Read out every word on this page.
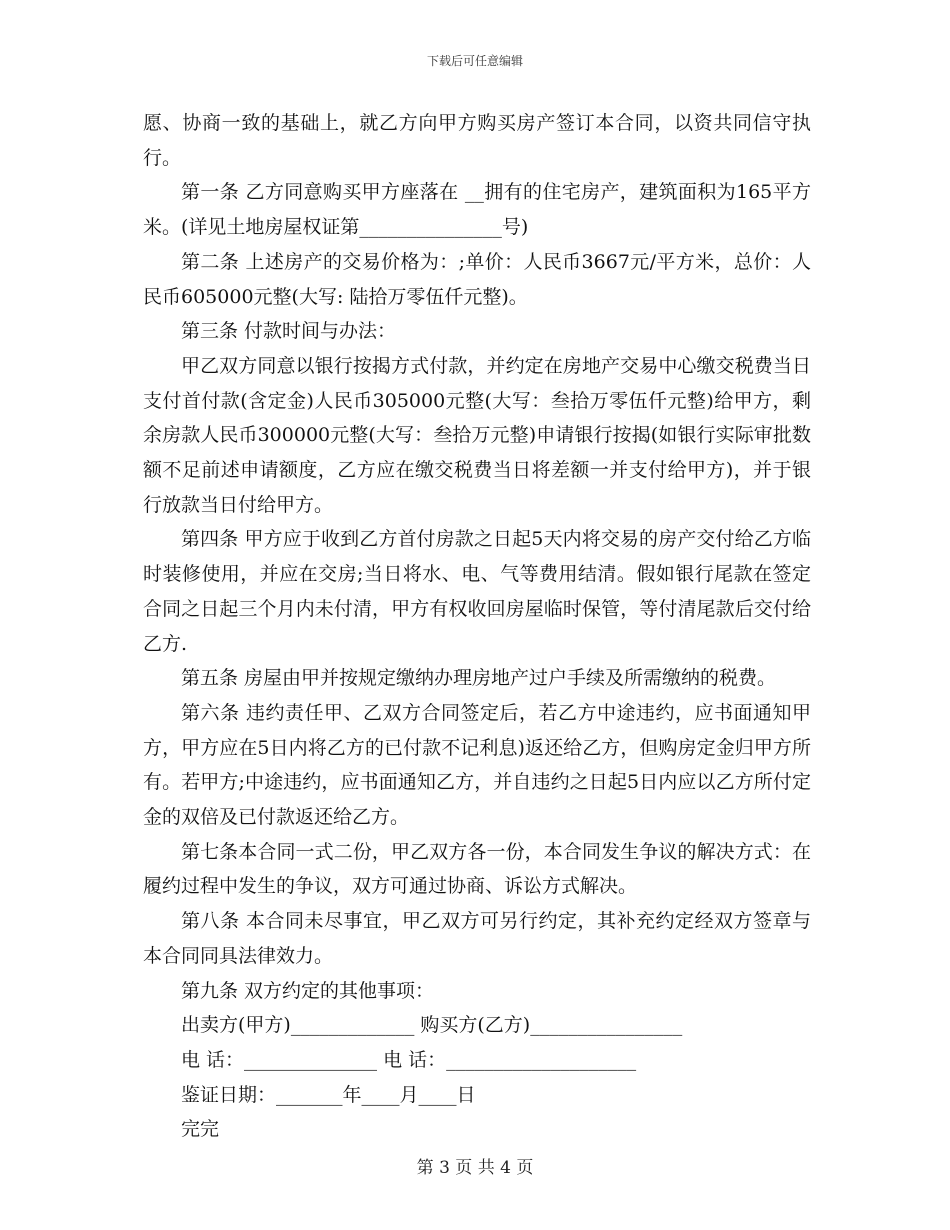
下载后可任意编辑

愿、协商一致的基础上，就乙方向甲方购买房产签订本合同，以资共同信守执行。

第一条 乙方同意购买甲方座落在 __拥有的住宅房产，建筑面积为165平方米。(详见土地房屋权证第_______________号)

第二条 上述房产的交易价格为：;单价：人民币3667元/平方米，总价：人民币605000元整(大写: 陆拾万零伍仟元整)。

第三条 付款时间与办法：

甲乙双方同意以银行按揭方式付款，并约定在房地产交易中心缴交税费当日支付首付款(含定金)人民币305000元整(大写：叁拾万零伍仟元整)给甲方，剩余房款人民币300000元整(大写：叁拾万元整)申请银行按揭(如银行实际审批数额不足前述申请额度，乙方应在缴交税费当日将差额一并支付给甲方)，并于银行放款当日付给甲方。

第四条 甲方应于收到乙方首付房款之日起5天内将交易的房产交付给乙方临时装修使用，并应在交房;当日将水、电、气等费用结清。假如银行尾款在签定合同之日起三个月内未付清，甲方有权收回房屋临时保管，等付清尾款后交付给乙方.

第五条 房屋由甲并按规定缴纳办理房地产过户手续及所需缴纳的税费。

第六条 违约责任甲、乙双方合同签定后，若乙方中途违约，应书面通知甲方，甲方应在5日内将乙方的已付款不记利息)返还给乙方，但购房定金归甲方所有。若甲方;中途违约，应书面通知乙方，并自违约之日起5日内应以乙方所付定金的双倍及已付款返还给乙方。

第七条本合同一式二份，甲乙双方各一份，本合同发生争议的解决方式：在履约过程中发生的争议，双方可通过协商、诉讼方式解决。

第八条 本合同未尽事宜，甲乙双方可另行约定，其补充约定经双方签章与本合同同具法律效力。

第九条 双方约定的其他事项：

出卖方(甲方)_____________ 购买方(乙方)________________

电 话：______________ 电 话：____________________

鉴证日期：_______年____月____日

完完

第 3 页 共 4 页
